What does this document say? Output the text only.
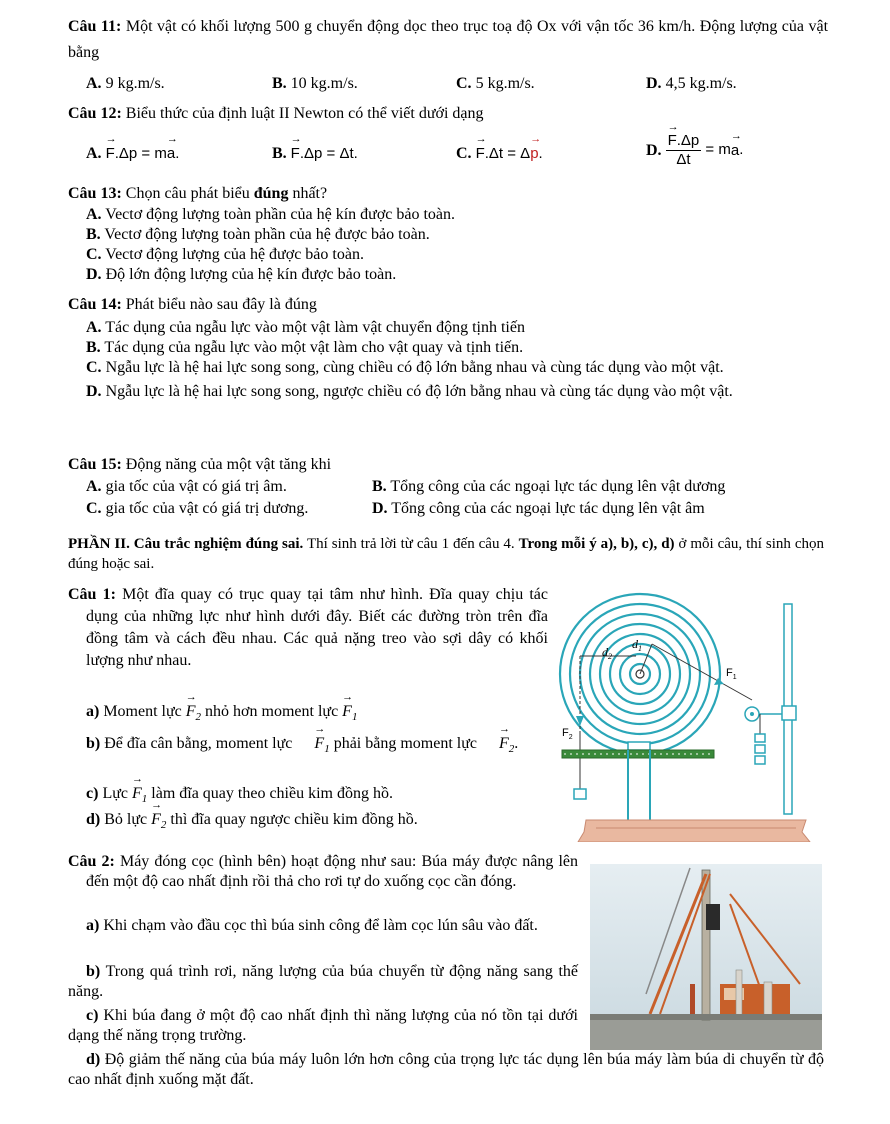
Câu 11: Một vật có khối lượng 500 g chuyển động dọc theo trục toạ độ Ox với vận tốc 36 km/h. Động lượng của vật bằng
A. 9 kg.m/s.	B. 10 kg.m/s.	C. 5 kg.m/s.	D. 4,5 kg.m/s.
Câu 12: Biểu thức của định luật II Newton có thể viết dưới dạng
A. → F.Δp = m→ a.	B. → F.Δp = Δt.	C. → F.Δt = Δ→ p.	D. → $\frac{F.\Delta p}{\Delta t} = m\to a$.
Câu 13: Chọn câu phát biểu đúng nhất?
A. Vectơ động lượng toàn phần của hệ kín được bảo toàn.
B. Vectơ động lượng toàn phần của hệ được bảo toàn.
C. Vectơ động lượng của hệ được bảo toàn.
D. Độ lớn động lượng của hệ kín được bảo toàn.
Câu 14: Phát biểu nào sau đây là đúng
A. Tác dụng của ngẫu lực vào một vật làm vật chuyển động tịnh tiến
B. Tác dụng của ngẫu lực vào một vật làm cho vật quay và tịnh tiến.
C. Ngẫu lực là hệ hai lực song song, cùng chiều có độ lớn bằng nhau và cùng tác dụng vào một vật.
D. Ngẫu lực là hệ hai lực song song, ngược chiều có độ lớn bằng nhau và cùng tác dụng vào một vật.
Câu 15: Động năng của một vật tăng khi
A. gia tốc của vật có giá trị âm.	B. Tổng công của các ngoại lực tác dụng lên vật dương
C. gia tốc của vật có giá trị dương.	D. Tổng công của các ngoại lực tác dụng lên vật âm
PHẦN II. Câu trắc nghiệm đúng sai. Thí sinh trả lời từ câu 1 đến câu 4. Trong mỗi ý a), b), c), d) ở mỗi câu, thí sinh chọn đúng hoặc sai.
Câu 1: Một đĩa quay có trục quay tại tâm như hình. Đĩa quay chịu tác dụng của những lực như hình dưới đây. Biết các đường tròn trên đĩa đồng tâm và cách đều nhau. Các quả nặng treo vào sợi dây có khối lượng như nhau.
a) Moment lực → $F_2$ nhỏ hơn moment lực → $F_1$
b) Để đĩa cân bằng, moment lực → $F_1$ phải bằng moment lực → $F_2$.
c) Lực → $F_1$ làm đĩa quay theo chiều kim đồng hồ.
d) Bỏ lực → $F_2$ thì đĩa quay ngược chiều kim đồng hồ.
$d_2$
$d_1$
$F_1$
$F_2$
Câu 2: Máy đóng cọc (hình bên) hoạt động như sau: Búa máy được nâng lên đến một độ cao nhất định rồi thả cho rơi tự do xuống cọc cần đóng.
a) Khi chạm vào đầu cọc thì búa sinh công để làm cọc lún sâu vào đất.
b) Trong quá trình rơi, năng lượng của búa chuyển từ động năng sang thế năng.
c) Khi búa đang ở một độ cao nhất định thì năng lượng của nó tồn tại dưới dạng thế năng trọng trường.
d) Độ giảm thế năng của búa máy luôn lớn hơn công của trọng lực tác dụng lên búa máy làm búa di chuyển từ độ cao nhất định xuống mặt đất.
